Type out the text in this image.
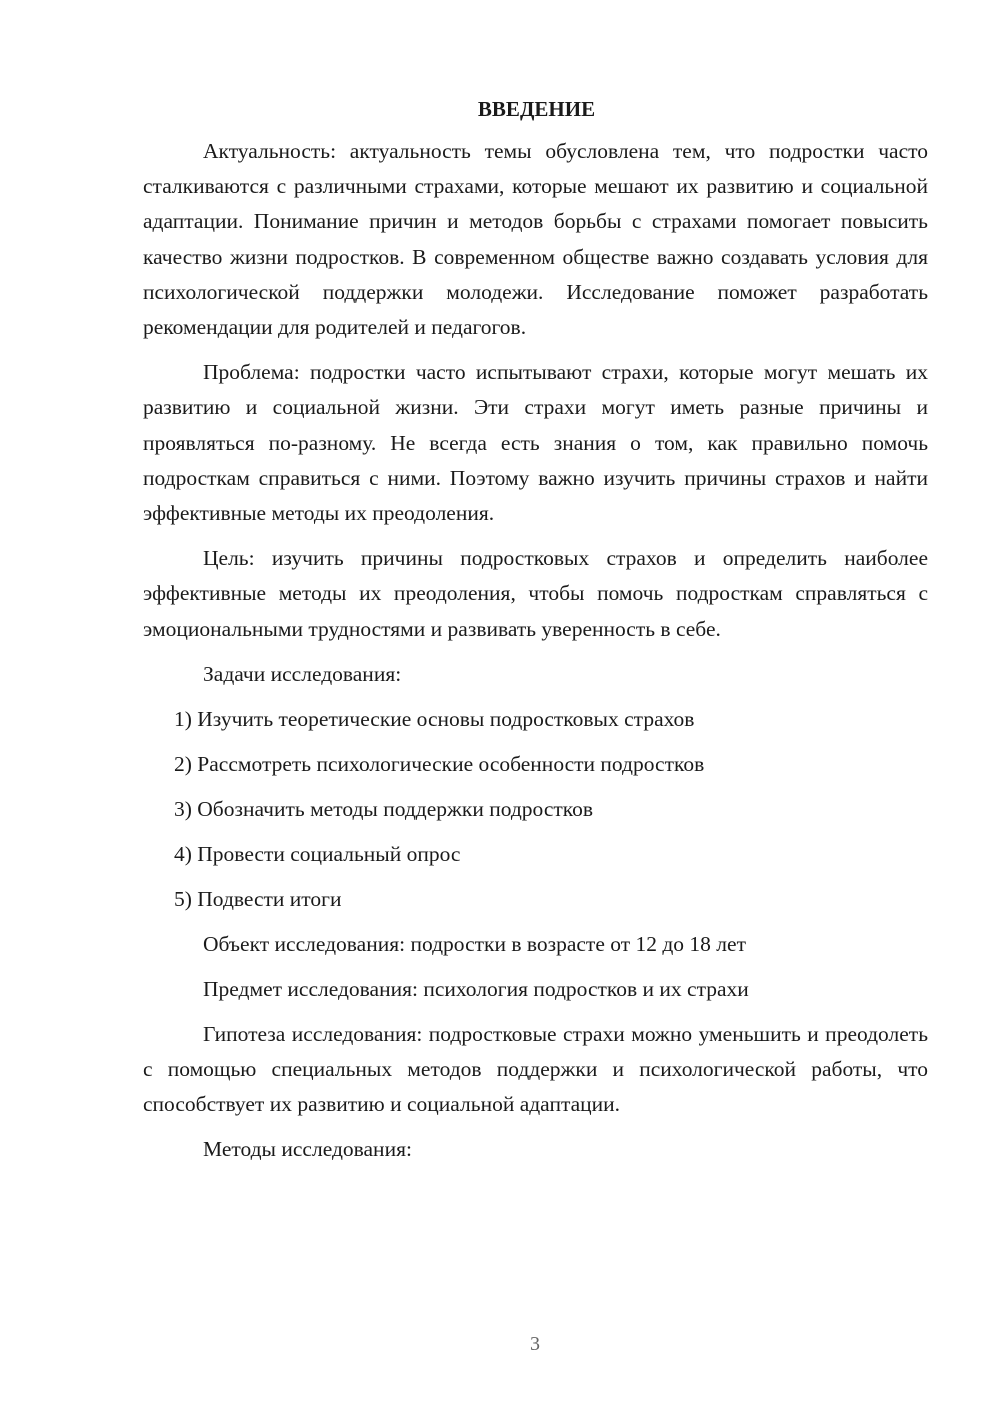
ВВЕДЕНИЕ

Актуальность: актуальность темы обусловлена тем, что подростки часто сталкиваются с различными страхами, которые мешают их развитию и социальной адаптации. Понимание причин и методов борьбы с страхами помогает повысить качество жизни подростков. В современном обществе важно создавать условия для психологической поддержки молодежи. Исследование поможет разработать рекомендации для родителей и педагогов.

Проблема: подростки часто испытывают страхи, которые могут мешать их развитию и социальной жизни. Эти страхи могут иметь разные причины и проявляться по-разному. Не всегда есть знания о том, как правильно помочь подросткам справиться с ними. Поэтому важно изучить причины страхов и найти эффективные методы их преодоления.

Цель: изучить причины подростковых страхов и определить наиболее эффективные методы их преодоления, чтобы помочь подросткам справляться с эмоциональными трудностями и развивать уверенность в себе.

Задачи исследования:

1) Изучить теоретические основы подростковых страхов

2) Рассмотреть психологические особенности подростков

3) Обозначить методы поддержки подростков

4) Провести социальный опрос

5) Подвести итоги

Объект исследования: подростки в возрасте от 12 до 18 лет

Предмет исследования: психология подростков и их страхи

Гипотеза исследования: подростковые страхи можно уменьшить и преодолеть с помощью специальных методов поддержки и психологической работы, что способствует их развитию и социальной адаптации.

Методы исследования:

3
